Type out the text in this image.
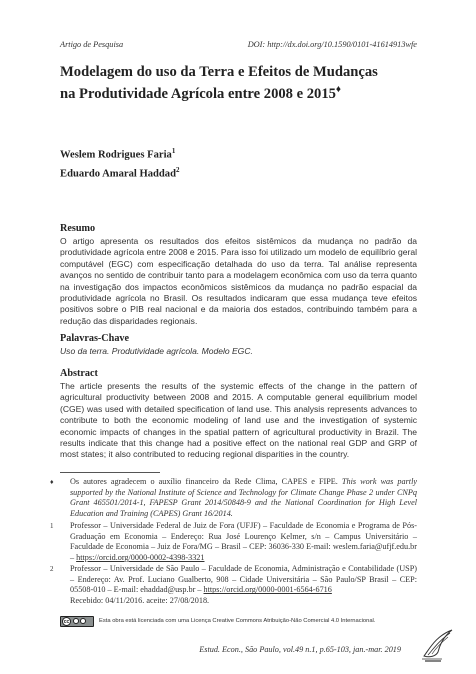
Artigo de Pesquisa	DOI: http://dx.doi.org/10.1590/0101-41614913wfe
Modelagem do uso da Terra e Efeitos de Mudanças
na Produtividade Agrícola entre 2008 e 2015♦
Weslem Rodrigues Faria$^1$
Eduardo Amaral Haddad$^2$
Resumo
O artigo apresenta os resultados dos efeitos sistêmicos da mudança no padrão da produtividade agrícola entre 2008 e 2015. Para isso foi utilizado um modelo de equilíbrio geral computável (EGC) com especificação detalhada do uso da terra. Tal análise representa avanços no sentido de contribuir tanto para a modelagem econômica com uso da terra quanto na investigação dos impactos econômicos sistêmicos da mudança no padrão espacial da produtividade agrícola no Brasil. Os resultados indicaram que essa mudança teve efeitos positivos sobre o PIB real nacional e da maioria dos estados, contribuindo também para a redução das disparidades regionais.
Palavras-Chave
Uso da terra. Produtividade agrícola. Modelo EGC.
Abstract
The article presents the results of the systemic effects of the change in the pattern of agricultural productivity between 2008 and 2015. A computable general equilibrium model (CGE) was used with detailed specification of land use. This analysis represents advances to contribute to both the economic modeling of land use and the investigation of systemic economic impacts of changes in the spatial pattern of agricultural productivity in Brazil. The results indicate that this change had a positive effect on the national real GDP and GRP of most states; it also contributed to reducing regional disparities in the country.
♦ Os autores agradecem o auxílio financeiro da Rede Clima, CAPES e FIPE. This work was partly supported by the National Institute of Science and Technology for Climate Change Phase 2 under CNPq Grant 465501/2014-1, FAPESP Grant 2014/50848-9 and the National Coordination for High Level Education and Training (CAPES) Grant 16/2014.
1 Professor – Universidade Federal de Juiz de Fora (UFJF) – Faculdade de Economia e Programa de Pós-Graduação em Economia – Endereço: Rua José Lourenço Kelmer, s/n – Campus Universitário – Faculdade de Economia – Juiz de Fora/MG – Brasil – CEP: 36036-330 E-mail: weslem.faria@ufjf.edu.br – https://orcid.org/0000-0002-4398-3321
2 Professor – Universidade de São Paulo – Faculdade de Economia, Administração e Contabilidade (USP) – Endereço: Av. Prof. Luciano Gualberto, 908 – Cidade Universitária – São Paulo/SP Brasil – CEP: 05508-010 – E-mail: ehaddad@usp.br – https://orcid.org/0000-0001-6564-6716
Recebido: 04/11/2016. aceite: 27/08/2018.
cc	Esta obra está licenciada com uma Licença Creative Commons Atribuição-Não Comercial 4.0 Internacional.
Estud. Econ., São Paulo, vol.49 n.1, p.65-103, jan.-mar. 2019
